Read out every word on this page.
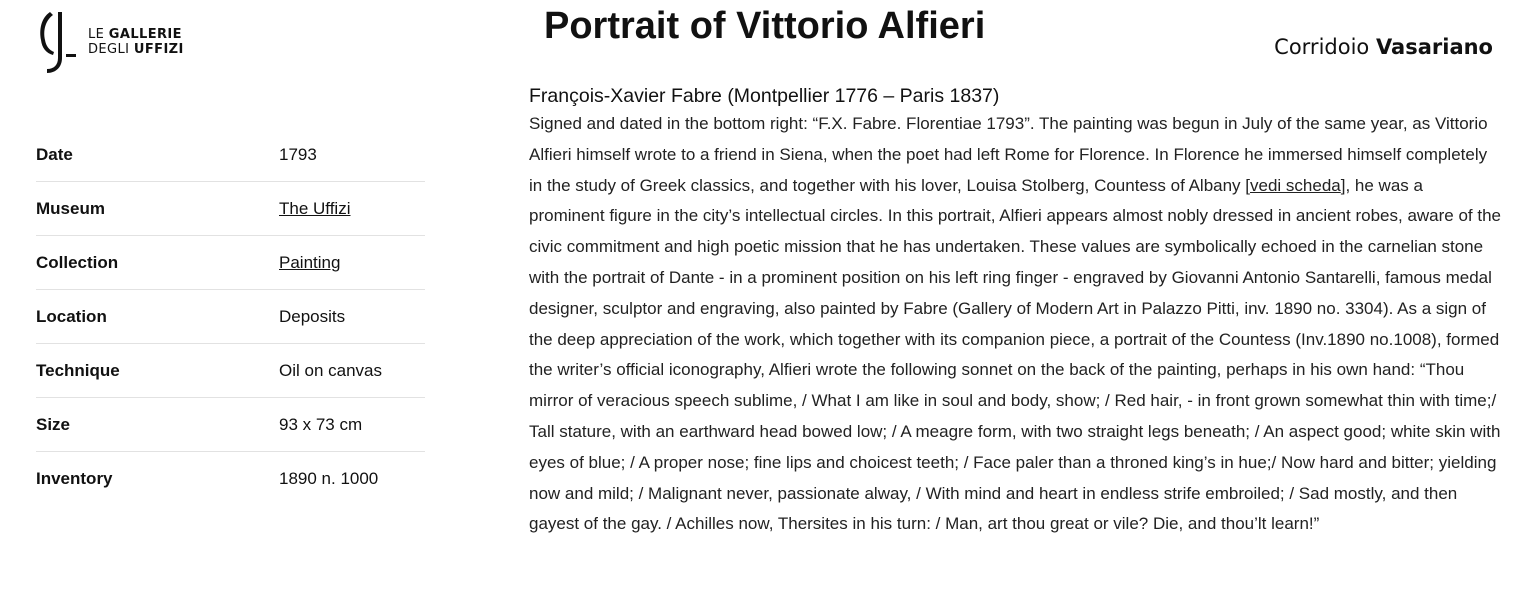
LE GALLERIE
DEGLI UFFIZI
Portrait of Vittorio Alfieri	Corridoio Vasariano
Date	1793
Museum	The Uffizi
Collection	Painting
Location	Deposits
Technique	Oil on canvas
Size	93 x 73 cm
Inventory	1890 n. 1000
François-Xavier Fabre (Montpellier 1776 – Paris 1837)
Signed and dated in the bottom right: “F.X. Fabre. Florentiae 1793”. The painting was begun in July of the same year, as Vittorio Alfieri himself wrote to a friend in Siena, when the poet had left Rome for Florence. In Florence he immersed himself completely in the study of Greek classics, and together with his lover, Louisa Stolberg, Countess of Albany [vedi scheda], he was a prominent figure in the city’s intellectual circles. In this portrait, Alfieri appears almost nobly dressed in ancient robes, aware of the civic commitment and high poetic mission that he has undertaken. These values are symbolically echoed in the carnelian stone with the portrait of Dante - in a prominent position on his left ring finger - engraved by Giovanni Antonio Santarelli, famous medal designer, sculptor and engraving, also painted by Fabre (Gallery of Modern Art in Palazzo Pitti, inv. 1890 no. 3304). As a sign of the deep appreciation of the work, which together with its companion piece, a portrait of the Countess (Inv.1890 no.1008), formed the writer’s official iconography, Alfieri wrote the following sonnet on the back of the painting, perhaps in his own hand: “Thou mirror of veracious speech sublime, / What I am like in soul and body, show; / Red hair, - in front grown somewhat thin with time;/ Tall stature, with an earthward head bowed low; / A meagre form, with two straight legs beneath; / An aspect good; white skin with eyes of blue; / A proper nose; fine lips and choicest teeth; / Face paler than a throned king’s in hue;/ Now hard and bitter; yielding now and mild; / Malignant never, passionate alway, / With mind and heart in endless strife embroiled; / Sad mostly, and then gayest of the gay. / Achilles now, Thersites in his turn: / Man, art thou great or vile? Die, and thou’lt learn!”
